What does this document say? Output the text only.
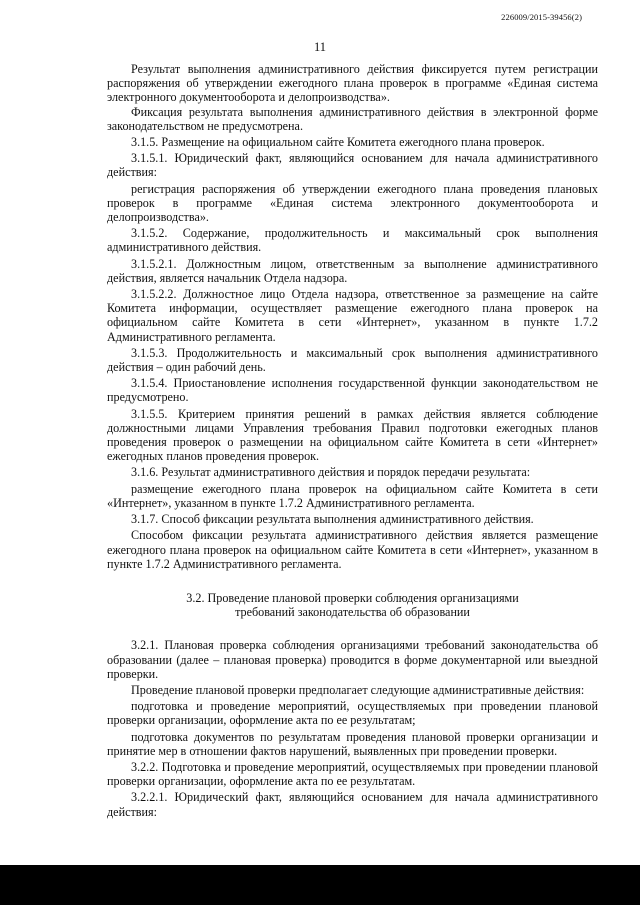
226009/2015-39456(2)
11

Результат выполнения административного действия фиксируется путем регистрации распоряжения об утверждении ежегодного плана проверок в программе «Единая система электронного документооборота и делопроизводства».

Фиксация результата выполнения административного действия в электронной форме законодательством не предусмотрена.

3.1.5. Размещение на официальном сайте Комитета ежегодного плана проверок.

3.1.5.1. Юридический факт, являющийся основанием для начала административного действия:

регистрация распоряжения об утверждении ежегодного плана проведения плановых проверок в программе «Единая система электронного документооборота и делопроизводства».

3.1.5.2. Содержание, продолжительность и максимальный срок выполнения административного действия.

3.1.5.2.1. Должностным лицом, ответственным за выполнение административного действия, является начальник Отдела надзора.

3.1.5.2.2. Должностное лицо Отдела надзора, ответственное за размещение на сайте Комитета информации, осуществляет размещение ежегодного плана проверок на официальном сайте Комитета в сети «Интернет», указанном в пункте 1.7.2 Административного регламента.

3.1.5.3. Продолжительность и максимальный срок выполнения административного действия – один рабочий день.

3.1.5.4. Приостановление исполнения государственной функции законодательством не предусмотрено.

3.1.5.5. Критерием принятия решений в рамках действия является соблюдение должностными лицами Управления требования Правил подготовки ежегодных планов проведения проверок о размещении на официальном сайте Комитета в сети «Интернет» ежегодных планов проведения проверок.

3.1.6. Результат административного действия и порядок передачи результата:

размещение ежегодного плана проверок на официальном сайте Комитета в сети «Интернет», указанном в пункте 1.7.2 Административного регламента.

3.1.7. Способ фиксации результата выполнения административного действия.

Способом фиксации результата административного действия является размещение ежегодного плана проверок на официальном сайте Комитета в сети «Интернет», указанном в пункте 1.7.2 Административного регламента.

3.2. Проведение плановой проверки соблюдения организациями
требований законодательства об образовании

3.2.1. Плановая проверка соблюдения организациями требований законодательства об образовании (далее – плановая проверка) проводится в форме документарной или выездной проверки.

Проведение плановой проверки предполагает следующие административные действия:

подготовка и проведение мероприятий, осуществляемых при проведении плановой проверки организации, оформление акта по ее результатам;

подготовка документов по результатам проведения плановой проверки организации и принятие мер в отношении фактов нарушений, выявленных при проведении проверки.

3.2.2. Подготовка и проведение мероприятий, осуществляемых при проведении плановой проверки организации, оформление акта по ее результатам.

3.2.2.1. Юридический факт, являющийся основанием для начала административного действия:
